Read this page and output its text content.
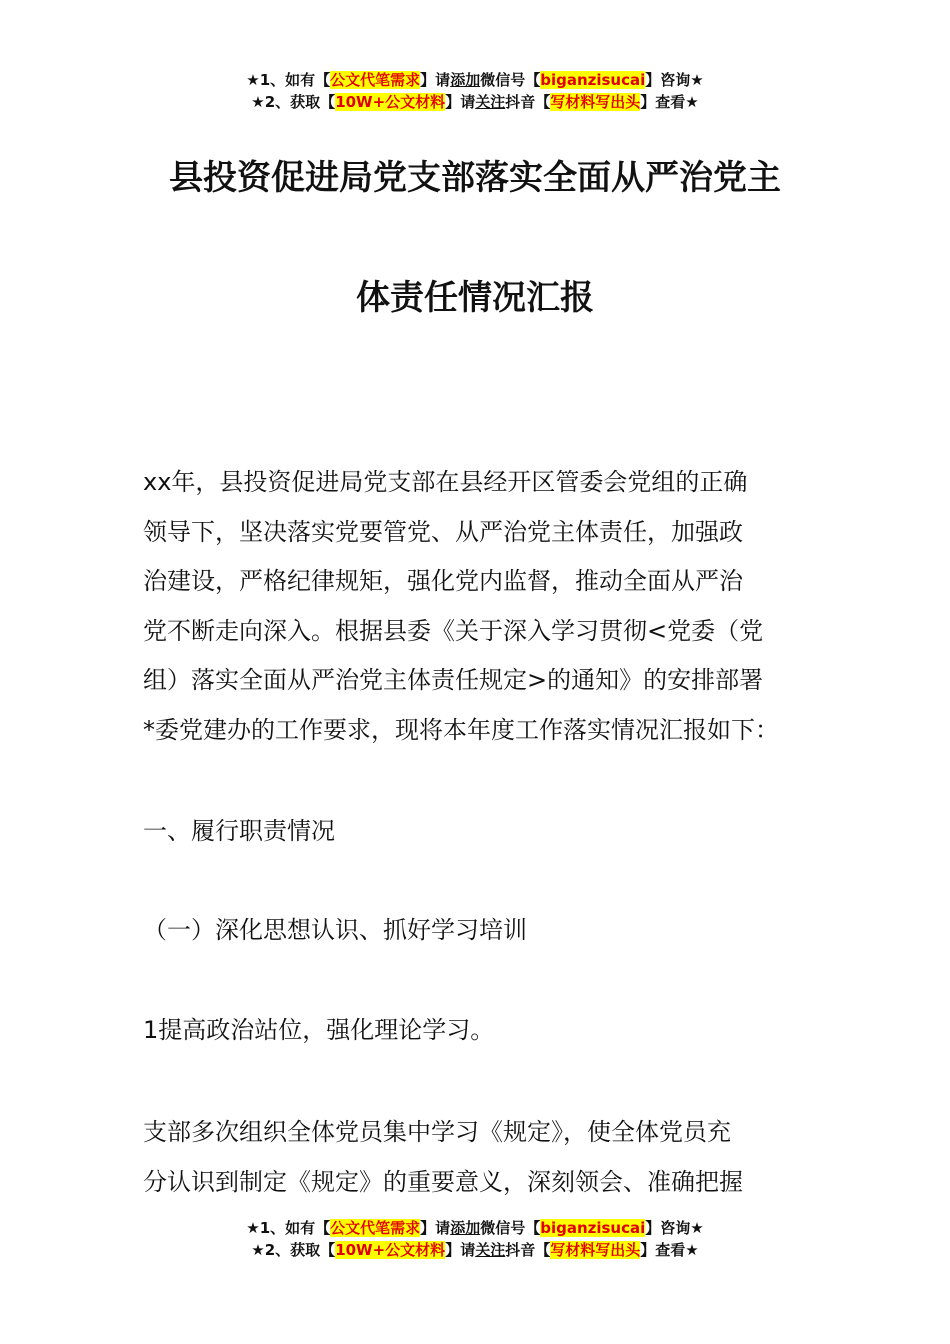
★1、如有【公文代笔需求】请添加微信号【biganzisucai】咨询★
★2、获取【10W+公文材料】请关注抖音【写材料写出头】查看★
县投资促进局党支部落实全面从严治党主
体责任情况汇报
xx年，县投资促进局党支部在县经开区管委会党组的正确
领导下，坚决落实党要管党、从严治党主体责任，加强政
治建设，严格纪律规矩，强化党内监督，推动全面从严治
党不断走向深入。根据县委《关于深入学习贯彻<党委（党
组）落实全面从严治党主体责任规定>的通知》的安排部署
*委党建办的工作要求，现将本年度工作落实情况汇报如下：
一、履行职责情况
（一）深化思想认识、抓好学习培训
1提高政治站位，强化理论学习。
支部多次组织全体党员集中学习《规定》，使全体党员充
分认识到制定《规定》的重要意义，深刻领会、准确把握
★1、如有【公文代笔需求】请添加微信号【biganzisucai】咨询★
★2、获取【10W+公文材料】请关注抖音【写材料写出头】查看★
